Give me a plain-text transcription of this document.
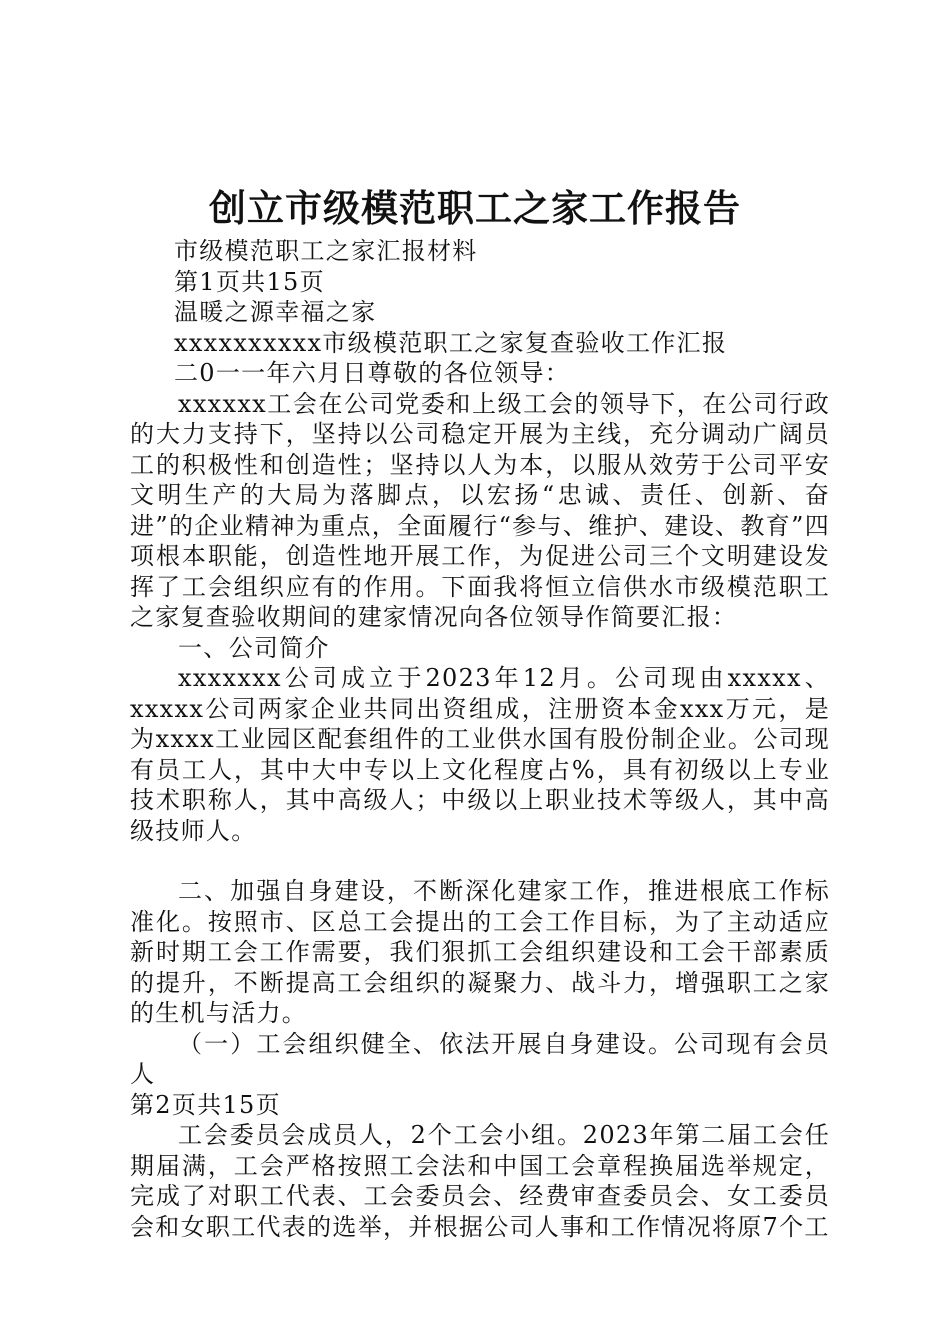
创立市级模范职工之家工作报告

市级模范职工之家汇报材料

第1页共15页

温暖之源幸福之家

xxxxxxxxxx市级模范职工之家复查验收工作汇报

二0一一年六月日尊敬的各位领导：

xxxxxx工会在公司党委和上级工会的领导下，在公司行政的大力支持下，坚持以公司稳定开展为主线，充分调动广阔员工的积极性和创造性；坚持以人为本，以服从效劳于公司平安文明生产的大局为落脚点，以宏扬“忠诚、责任、创新、奋进”的企业精神为重点，全面履行“参与、维护、建设、教育”四项根本职能，创造性地开展工作，为促进公司三个文明建设发挥了工会组织应有的作用。下面我将恒立信供水市级模范职工之家复查验收期间的建家情况向各位领导作简要汇报：

一、公司简介

xxxxxxx公司成立于2023年12月。公司现由xxxxx、xxxxx公司两家企业共同出资组成，注册资本金xxx万元，是为xxxx工业园区配套组件的工业供水国有股份制企业。公司现有员工人，其中大中专以上文化程度占%，具有初级以上专业技术职称人，其中高级人；中级以上职业技术等级人，其中高级技师人。

二、加强自身建设，不断深化建家工作，推进根底工作标准化。按照市、区总工会提出的工会工作目标，为了主动适应新时期工会工作需要，我们狠抓工会组织建设和工会干部素质的提升，不断提高工会组织的凝聚力、战斗力，增强职工之家的生机与活力。

（一）工会组织健全、依法开展自身建设。公司现有会员人

第2页共15页

工会委员会成员人，2个工会小组。2023年第二届工会任期届满，工会严格按照工会法和中国工会章程换届选举规定，完成了对职工代表、工会委员会、经费审查委员会、女工委员会和女职工代表的选举，并根据公司人事和工作情况将原7个工
